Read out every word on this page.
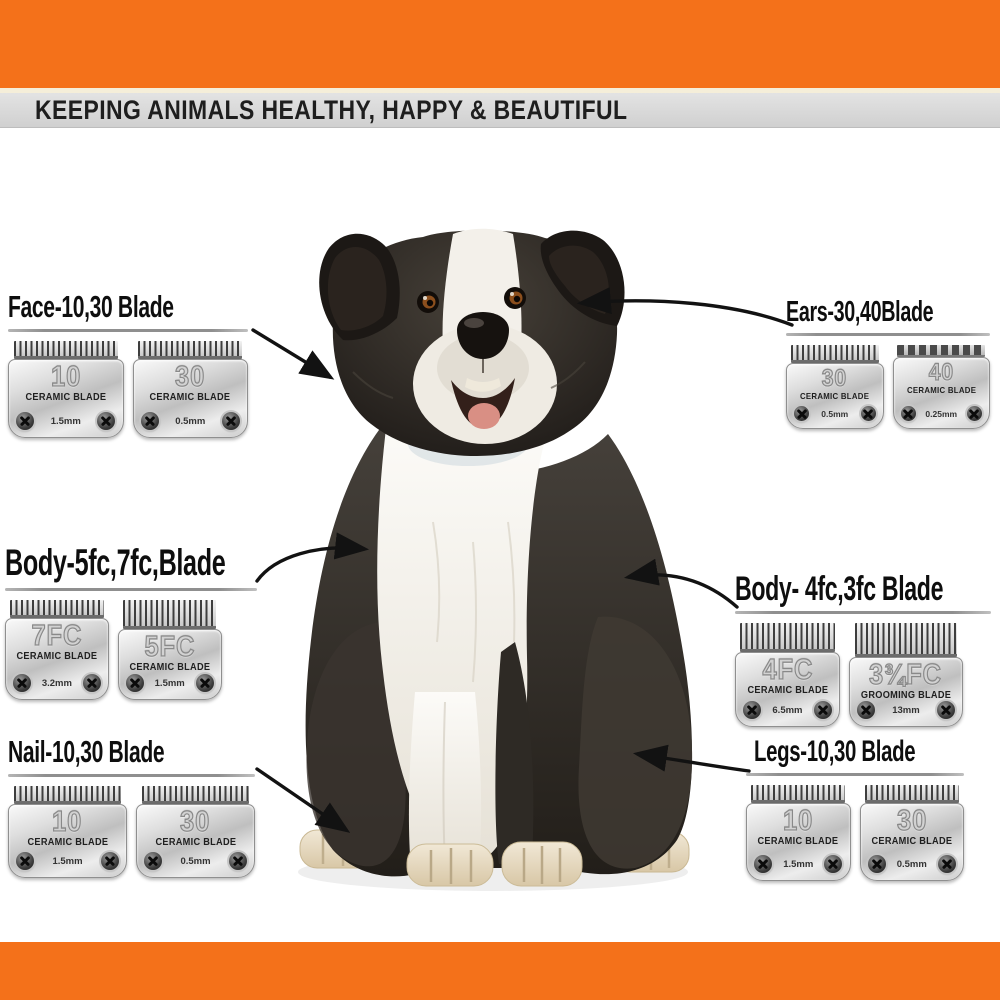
KEEPING ANIMALS HEALTHY, HAPPY & BEAUTIFUL
Face-10,30 Blade
10
CERAMIC BLADE
1.5mm
30
CERAMIC BLADE
0.5mm
Ears-30,40Blade
30
CERAMIC BLADE
0.5mm
40
CERAMIC BLADE
0.25mm
Body-5fc,7fc,Blade
7FC
CERAMIC BLADE
3.2mm
5FC
CERAMIC BLADE
1.5mm
Body- 4fc,3fc Blade
4FC
CERAMIC BLADE
6.5mm
3¾FC
GROOMING BLADE
13mm
Nail-10,30 Blade
10
CERAMIC BLADE
1.5mm
30
CERAMIC BLADE
0.5mm
Legs-10,30 Blade
10
CERAMIC BLADE
1.5mm
30
CERAMIC BLADE
0.5mm
